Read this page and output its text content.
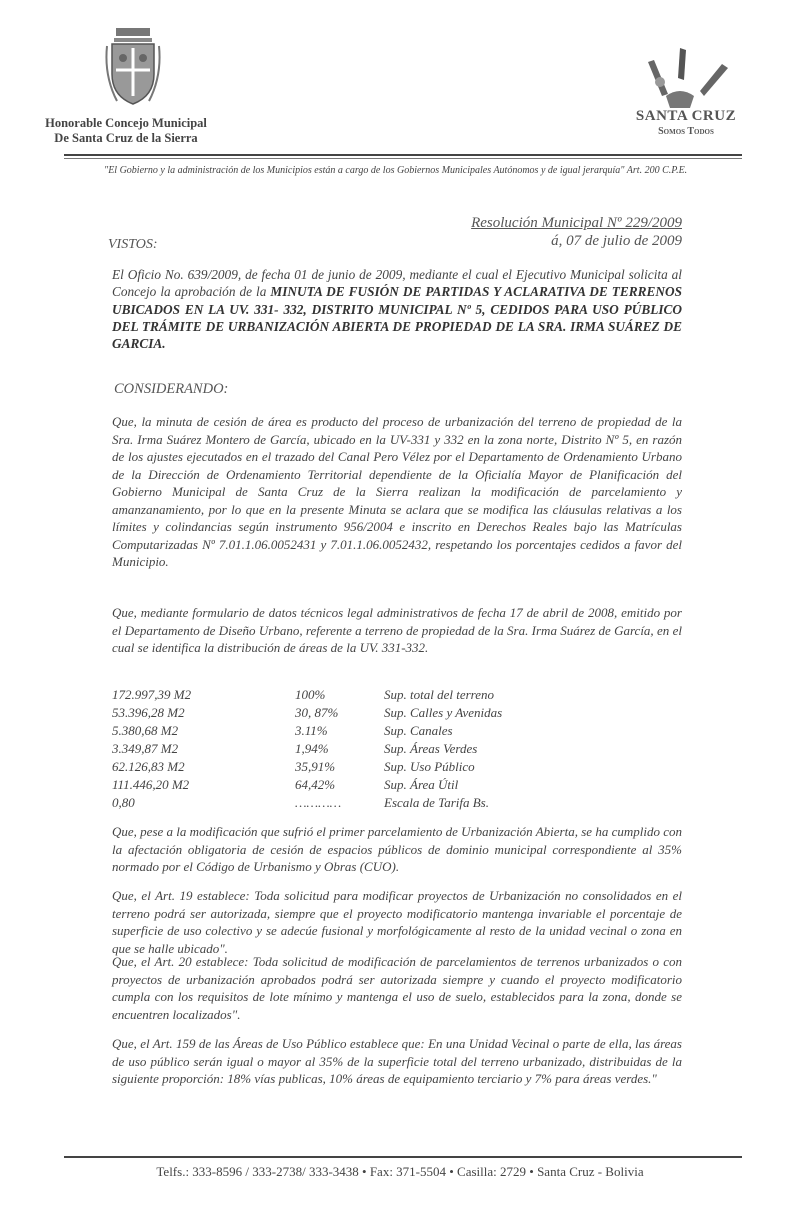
Honorable Concejo Municipal
De Santa Cruz de la Sierra
SANTA CRUZ
Somos Todos
"El Gobierno y la administración de los Municipios están a cargo de los Gobiernos Municipales Autónomos y de igual jerarquía" Art. 200 C.P.E.
Resolución Municipal Nº 229/2009
á, 07 de julio de 2009
VISTOS:
El Oficio No. 639/2009, de fecha 01 de junio de 2009, mediante el cual el Ejecutivo Municipal solicita al Concejo la aprobación de la MINUTA DE FUSIÓN DE PARTIDAS Y ACLARATIVA DE TERRENOS UBICADOS EN LA UV. 331- 332, DISTRITO MUNICIPAL Nº 5, CEDIDOS PARA USO PÚBLICO DEL TRÁMITE DE URBANIZACIÓN ABIERTA DE PROPIEDAD DE LA SRA. IRMA SUÁREZ DE GARCIA.
CONSIDERANDO:
Que, la minuta de cesión de área es producto del proceso de urbanización del terreno de propiedad de la Sra. Irma Suárez Montero de García, ubicado en la UV-331 y 332 en la zona norte, Distrito Nº 5, en razón de los ajustes ejecutados en el trazado del Canal Pero Vélez por el Departamento de Ordenamiento Urbano de la Dirección de Ordenamiento Territorial dependiente de la Oficialía Mayor de Planificación del Gobierno Municipal de Santa Cruz de la Sierra realizan la modificación de parcelamiento y amanzanamiento, por lo que en la presente Minuta se aclara que se modifica las cláusulas relativas a los límites y colindancias según instrumento 956/2004 e inscrito en Derechos Reales bajo las Matrículas Computarizadas Nº 7.01.1.06.0052431 y 7.01.1.06.0052432, respetando los porcentajes cedidos a favor del Municipio.
Que, mediante formulario de datos técnicos legal administrativos de fecha 17 de abril de 2008, emitido por el Departamento de Diseño Urbano, referente a terreno de propiedad de la Sra. Irma Suárez de García, en el cual se identifica la distribución de áreas de la UV. 331-332.
172.997,39 M2	100%	Sup. total del terreno
53.396,28 M2	30, 87%	Sup. Calles y Avenidas
5.380,68 M2	3.11%	Sup. Canales
3.349,87 M2	1,94%	Sup. Áreas Verdes
62.126,83 M2	35,91%	Sup. Uso Público
111.446,20 M2	64,42%	Sup. Área Útil
0,80	…………	Escala de Tarifa Bs.
Que, pese a la modificación que sufrió el primer parcelamiento de Urbanización Abierta, se ha cumplido con la afectación obligatoria de cesión de espacios públicos de dominio municipal correspondiente al 35% normado por el Código de Urbanismo y Obras (CUO).
Que, el Art. 19 establece: Toda solicitud para modificar proyectos de Urbanización no consolidados en el terreno podrá ser autorizada, siempre que el proyecto modificatorio mantenga invariable el porcentaje de superficie de uso colectivo y se adecúe fusional y morfológicamente al resto de la unidad vecinal o zona en que se halle ubicado".
Que, el Art. 20 establece: Toda solicitud de modificación de parcelamientos de terrenos urbanizados o con proyectos de urbanización aprobados podrá ser autorizada siempre y cuando el proyecto modificatorio cumpla con los requisitos de lote mínimo y mantenga el uso de suelo, establecidos para la zona, donde se encuentren localizados".
Que, el Art. 159 de las Áreas de Uso Público establece que: En una Unidad Vecinal o parte de ella, las áreas de uso público serán igual o mayor al 35% de la superficie total del terreno urbanizado, distribuidas de la siguiente proporción: 18% vías publicas, 10% áreas de equipamiento terciario y 7% para áreas verdes."
Telfs.: 333-8596 / 333-2738/ 333-3438 • Fax: 371-5504 • Casilla: 2729 • Santa Cruz - Bolivia
